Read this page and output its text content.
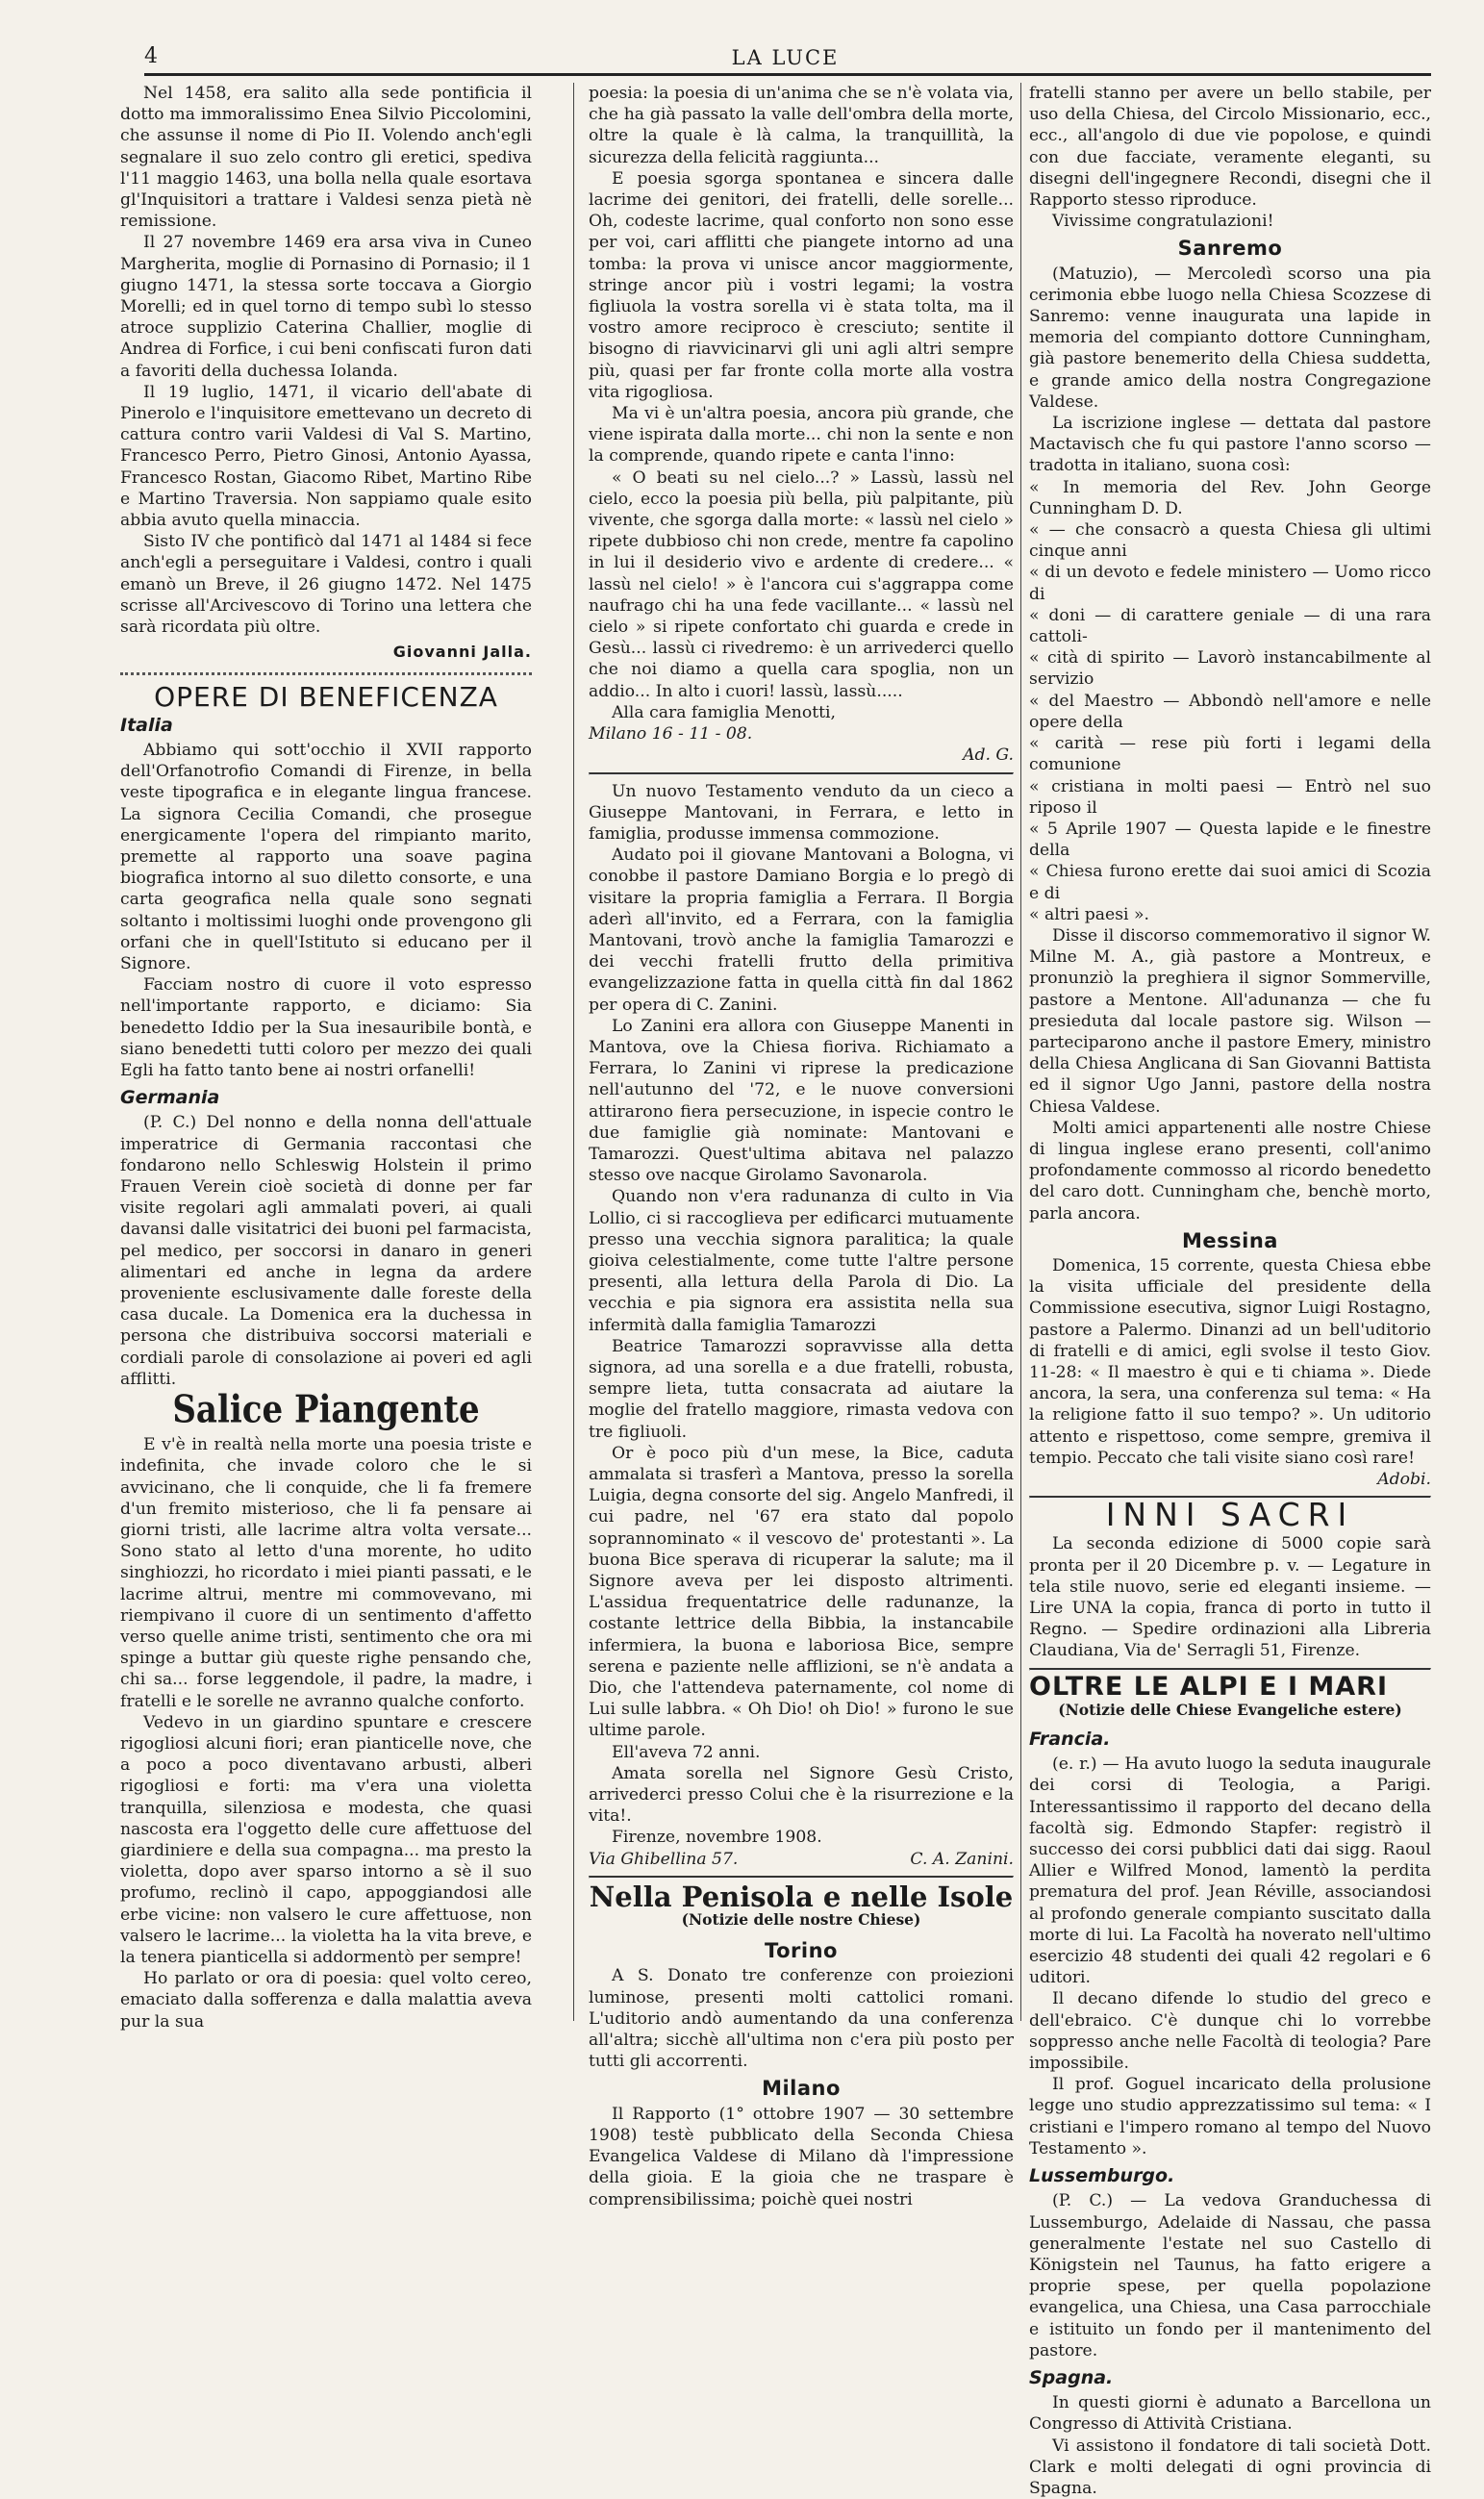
4	LA LUCE

Nel 1458, era salito alla sede pontificia il dotto ma immoralissimo Enea Silvio Piccolomini, che assunse il nome di Pio II. Volendo anch'egli segnalare il suo zelo contro gli eretici, spediva l'11 maggio 1463, una bolla nella quale esortava gl'Inquisitori a trattare i Valdesi senza pietà nè remissione.

Il 27 novembre 1469 era arsa viva in Cuneo Margherita, moglie di Pornasino di Pornasio; il 1 giugno 1471, la stessa sorte toccava a Giorgio Morelli; ed in quel torno di tempo subì lo stesso atroce supplizio Caterina Challier, moglie di Andrea di Forfice, i cui beni confiscati furon dati a favoriti della duchessa Iolanda.

Il 19 luglio, 1471, il vicario dell'abate di Pinerolo e l'inquisitore emettevano un decreto di cattura contro varii Valdesi di Val S. Martino, Francesco Perro, Pietro Ginosi, Antonio Ayassa, Francesco Rostan, Giacomo Ribet, Martino Ribe e Martino Traversia. Non sappiamo quale esito abbia avuto quella minaccia.

Sisto IV che pontificò dal 1471 al 1484 si fece anch'egli a perseguitare i Valdesi, contro i quali emanò un Breve, il 26 giugno 1472. Nel 1475 scrisse all'Arcivescovo di Torino una lettera che sarà ricordata più oltre.

Giovanni Jalla.
OPERE DI BENEFICENZA
Italia

Abbiamo qui sott'occhio il XVII rapporto dell'Orfanotrofio Comandi di Firenze, in bella veste tipografica e in elegante lingua francese. La signora Cecilia Comandi, che prosegue energicamente l'opera del rimpianto marito, premette al rapporto una soave pagina biografica intorno al suo diletto consorte, e una carta geografica nella quale sono segnati soltanto i moltissimi luoghi onde provengono gli orfani che in quell'Istituto si educano per il Signore.

Facciam nostro di cuore il voto espresso nell'importante rapporto, e diciamo: Sia benedetto Iddio per la Sua inesauribile bontà, e siano benedetti tutti coloro per mezzo dei quali Egli ha fatto tanto bene ai nostri orfanelli!

Germania

(P. C.) Del nonno e della nonna dell'attuale imperatrice di Germania raccontasi che fondarono nello Schleswig Holstein il primo Frauen Verein cioè società di donne per far visite regolari agli ammalati poveri, ai quali davansi dalle visitatrici dei buoni pel farmacista, pel medico, per soccorsi in danaro in generi alimentari ed anche in legna da ardere proveniente esclusivamente dalle foreste della casa ducale. La Domenica era la duchessa in persona che distribuiva soccorsi materiali e cordiali parole di consolazione ai poveri ed agli afflitti.

Salice Piangente

E v'è in realtà nella morte una poesia triste e indefinita, che invade coloro che le si avvicinano, che li conquide, che li fa fremere d'un fremito misterioso, che li fa pensare ai giorni tristi, alle lacrime altra volta versate... Sono stato al letto d'una morente, ho udito singhiozzi, ho ricordato i miei pianti passati, e le lacrime altrui, mentre mi commovevano, mi riempivano il cuore di un sentimento d'affetto verso quelle anime tristi, sentimento che ora mi spinge a buttar giù queste righe pensando che, chi sa... forse leggendole, il padre, la madre, i fratelli e le sorelle ne avranno qualche conforto.

Vedevo in un giardino spuntare e crescere rigogliosi alcuni fiori; eran pianticelle nove, che a poco a poco diventavano arbusti, alberi rigogliosi e forti: ma v'era una violetta tranquilla, silenziosa e modesta, che quasi nascosta era l'oggetto delle cure affettuose del giardiniere e della sua compagna... ma presto la violetta, dopo aver sparso intorno a sè il suo profumo, reclinò il capo, appoggiandosi alle erbe vicine: non valsero le cure affettuose, non valsero le lacrime... la violetta ha la vita breve, e la tenera pianticella si addormentò per sempre!

Ho parlato or ora di poesia: quel volto cereo, emaciato dalla sofferenza e dalla malattia aveva pur la sua

poesia: la poesia di un'anima che se n'è volata via, che ha già passato la valle dell'ombra della morte, oltre la quale è là calma, la tranquillità, la sicurezza della felicità raggiunta...

E poesia sgorga spontanea e sincera dalle lacrime dei genitori, dei fratelli, delle sorelle... Oh, codeste lacrime, qual conforto non sono esse per voi, cari afflitti che piangete intorno ad una tomba: la prova vi unisce ancor maggiormente, stringe ancor più i vostri legami; la vostra figliuola la vostra sorella vi è stata tolta, ma il vostro amore reciproco è cresciuto; sentite il bisogno di riavvicinarvi gli uni agli altri sempre più, quasi per far fronte colla morte alla vostra vita rigogliosa.

Ma vi è un'altra poesia, ancora più grande, che viene ispirata dalla morte... chi non la sente e non la comprende, quando ripete e canta l'inno:

« O beati su nel cielo...? » Lassù, lassù nel cielo, ecco la poesia più bella, più palpitante, più vivente, che sgorga dalla morte: « lassù nel cielo » ripete dubbioso chi non crede, mentre fa capolino in lui il desiderio vivo e ardente di credere... « lassù nel cielo! » è l'ancora cui s'aggrappa come naufrago chi ha una fede vacillante... « lassù nel cielo » si ripete confortato chi guarda e crede in Gesù... lassù ci rivedremo: è un arrivederci quello che noi diamo a quella cara spoglia, non un addio... In alto i cuori! lassù, lassù.....

Alla cara famiglia Menotti,

Milano 16 - 11 - 08.
Ad. G.

Un nuovo Testamento venduto da un cieco a Giuseppe Mantovani, in Ferrara, e letto in famiglia, produsse immensa commozione.

Audato poi il giovane Mantovani a Bologna, vi conobbe il pastore Damiano Borgia e lo pregò di visitare la propria famiglia a Ferrara. Il Borgia aderì all'invito, ed a Ferrara, con la famiglia Mantovani, trovò anche la famiglia Tamarozzi e dei vecchi fratelli frutto della primitiva evangelizzazione fatta in quella città fin dal 1862 per opera di C. Zanini.

Lo Zanini era allora con Giuseppe Manenti in Mantova, ove la Chiesa fioriva. Richiamato a Ferrara, lo Zanini vi riprese la predicazione nell'autunno del '72, e le nuove conversioni attirarono fiera persecuzione, in ispecie contro le due famiglie già nominate: Mantovani e Tamarozzi. Quest'ultima abitava nel palazzo stesso ove nacque Girolamo Savonarola.

Quando non v'era radunanza di culto in Via Lollio, ci si raccoglieva per edificarci mutuamente presso una vecchia signora paralitica; la quale gioiva celestialmente, come tutte l'altre persone presenti, alla lettura della Parola di Dio. La vecchia e pia signora era assistita nella sua infermità dalla famiglia Tamarozzi

Beatrice Tamarozzi sopravvisse alla detta signora, ad una sorella e a due fratelli, robusta, sempre lieta, tutta consacrata ad aiutare la moglie del fratello maggiore, rimasta vedova con tre figliuoli.

Or è poco più d'un mese, la Bice, caduta ammalata si trasferì a Mantova, presso la sorella Luigia, degna consorte del sig. Angelo Manfredi, il cui padre, nel '67 era stato dal popolo soprannominato « il vescovo de' protestanti ». La buona Bice sperava di ricuperar la salute; ma il Signore aveva per lei disposto altrimenti. L'assidua frequentatrice delle radunanze, la costante lettrice della Bibbia, la instancabile infermiera, la buona e laboriosa Bice, sempre serena e paziente nelle afflizioni, se n'è andata a Dio, che l'attendeva paternamente, col nome di Lui sulle labbra. « Oh Dio! oh Dio! » furono le sue ultime parole.

Ell'aveva 72 anni.

Amata sorella nel Signore Gesù Cristo, arrivederci presso Colui che è la risurrezione e la vita!.

Firenze, novembre 1908.

Via Ghibellina 57.	C. A. Zanini.
Nella Penisola e nelle Isole
(Notizie delle nostre Chiese)
Torino

A S. Donato tre conferenze con proiezioni luminose, presenti molti cattolici romani. L'uditorio andò aumentando da una conferenza all'altra; sicchè all'ultima non c'era più posto per tutti gli accorrenti.

Milano

Il Rapporto (1° ottobre 1907 — 30 settembre 1908) testè pubblicato della Seconda Chiesa Evangelica Valdese di Milano dà l'impressione della gioia. E la gioia che ne traspare è comprensibilissima; poichè quei nostri

fratelli stanno per avere un bello stabile, per uso della Chiesa, del Circolo Missionario, ecc., ecc., all'angolo di due vie popolose, e quindi con due facciate, veramente eleganti, su disegni dell'ingegnere Recondi, disegni che il Rapporto stesso riproduce.

Vivissime congratulazioni!

Sanremo

(Matuzio), — Mercoledì scorso una pia cerimonia ebbe luogo nella Chiesa Scozzese di Sanremo: venne inaugurata una lapide in memoria del compianto dottore Cunningham, già pastore benemerito della Chiesa suddetta, e grande amico della nostra Congregazione Valdese.

La iscrizione inglese — dettata dal pastore Mactavisch che fu qui pastore l'anno scorso — tradotta in italiano, suona così:

« In memoria del Rev. John George Cunningham D. D.

« — che consacrò a questa Chiesa gli ultimi cinque anni

« di un devoto e fedele ministero — Uomo ricco di

« doni — di carattere geniale — di una rara cattoli-

« cità di spirito — Lavorò instancabilmente al servizio

« del Maestro — Abbondò nell'amore e nelle opere della

« carità — rese più forti i legami della comunione

« cristiana in molti paesi — Entrò nel suo riposo il

« 5 Aprile 1907 — Questa lapide e le finestre della

« Chiesa furono erette dai suoi amici di Scozia e di

« altri paesi ».

Disse il discorso commemorativo il signor W. Milne M. A., già pastore a Montreux, e pronunziò la preghiera il signor Sommerville, pastore a Mentone. All'adunanza — che fu presieduta dal locale pastore sig. Wilson — parteciparono anche il pastore Emery, ministro della Chiesa Anglicana di San Giovanni Battista ed il signor Ugo Janni, pastore della nostra Chiesa Valdese.

Molti amici appartenenti alle nostre Chiese di lingua inglese erano presenti, coll'animo profondamente commosso al ricordo benedetto del caro dott. Cunningham che, benchè morto, parla ancora.

Messina

Domenica, 15 corrente, questa Chiesa ebbe la visita ufficiale del presidente della Commissione esecutiva, signor Luigi Rostagno, pastore a Palermo. Dinanzi ad un bell'uditorio di fratelli e di amici, egli svolse il testo Giov. 11-28: « Il maestro è qui e ti chiama ». Diede ancora, la sera, una conferenza sul tema: « Ha la religione fatto il suo tempo? ». Un uditorio attento e rispettoso, come sempre, gremiva il tempio. Peccato che tali visite siano così rare!

Adobi.
INNI SACRI

La seconda edizione di 5000 copie sarà pronta per il 20 Dicembre p. v. — Legature in tela stile nuovo, serie ed eleganti insieme. — Lire UNA la copia, franca di porto in tutto il Regno. — Spedire ordinazioni alla Libreria Claudiana, Via de' Serragli 51, Firenze.

OLTRE LE ALPI E I MARI
(Notizie delle Chiese Evangeliche estere)
Francia.

(e. r.) — Ha avuto luogo la seduta inaugurale dei corsi di Teologia, a Parigi. Interessantissimo il rapporto del decano della facoltà sig. Edmondo Stapfer: registrò il successo dei corsi pubblici dati dai sigg. Raoul Allier e Wilfred Monod, lamentò la perdita prematura del prof. Jean Réville, associandosi al profondo generale compianto suscitato dalla morte di lui. La Facoltà ha noverato nell'ultimo esercizio 48 studenti dei quali 42 regolari e 6 uditori.

Il decano difende lo studio del greco e dell'ebraico. C'è dunque chi lo vorrebbe soppresso anche nelle Facoltà di teologia? Pare impossibile.

Il prof. Goguel incaricato della prolusione legge uno studio apprezzatissimo sul tema: « I cristiani e l'impero romano al tempo del Nuovo Testamento ».

Lussemburgo.

(P. C.) — La vedova Granduchessa di Lussemburgo, Adelaide di Nassau, che passa generalmente l'estate nel suo Castello di Königstein nel Taunus, ha fatto erigere a proprie spese, per quella popolazione evangelica, una Chiesa, una Casa parrocchiale e istituito un fondo per il mantenimento del pastore.

Spagna.

In questi giorni è adunato a Barcellona un Congresso di Attività Cristiana.

Vi assistono il fondatore di tali società Dott. Clark e molti delegati di ogni provincia di Spagna.
